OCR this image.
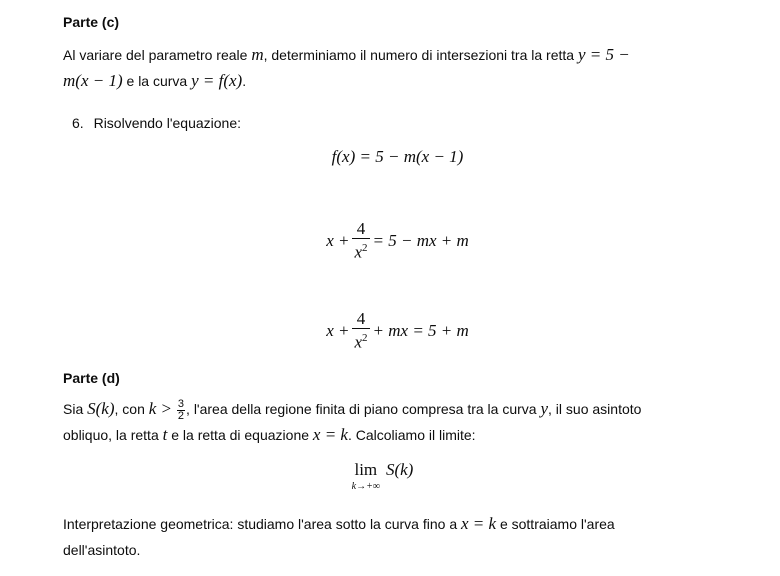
Parte (c)
Al variare del parametro reale m, determiniamo il numero di intersezioni tra la retta y = 5 −
m(x − 1) e la curva y = f(x).
6. Risolvendo l'equazione:
f(x) = 5 − m(x − 1)
$x + \frac{4}{x^2} = 5$ − mx + m
$x + \frac{4}{x^2}$ + mx = 5 + m
Parte (d)
Sia S(k), con $k > \frac{3}{2}$ , l'area della regione finita di piano compresa tra la curva y, il suo asintoto
obliquo, la retta t e la retta di equazione x = k. Calcoliamo il limite:
lim
k→+∞
S(k)
Interpretazione geometrica: studiamo l'area sotto la curva fino a x = k e sottraiamo l'area
dell'asintoto.
